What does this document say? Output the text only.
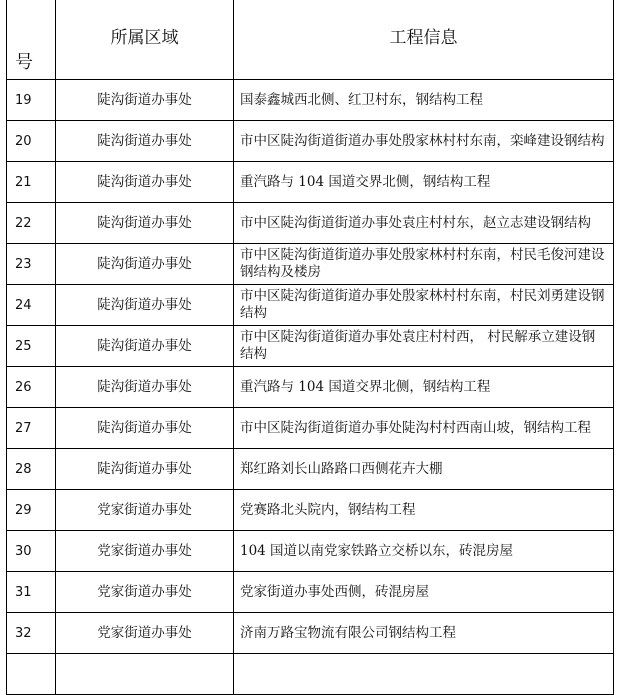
号	所属区域	工程信息
19	陡沟街道办事处	国泰鑫城西北侧、红卫村东，钢结构工程
20	陡沟街道办事处	市中区陡沟街道街道办事处殷家林村村东南，栾峰建设钢结构
21	陡沟街道办事处	重汽路与 104 国道交界北侧，钢结构工程
22	陡沟街道办事处	市中区陡沟街道街道办事处袁庄村村东，赵立志建设钢结构
23	陡沟街道办事处	市中区陡沟街道街道办事处殷家林村村东南，村民毛俊河建设钢结构及楼房
24	陡沟街道办事处	市中区陡沟街道街道办事处殷家林村村东南，村民刘勇建设钢结构
25	陡沟街道办事处	市中区陡沟街道街道办事处袁庄村村西， 村民解承立建设钢结构
26	陡沟街道办事处	重汽路与 104 国道交界北侧，钢结构工程
27	陡沟街道办事处	市中区陡沟街道街道办事处陡沟村村西南山坡，钢结构工程
28	陡沟街道办事处	郑红路刘长山路路口西侧花卉大棚
29	党家街道办事处	党赛路北头院内，钢结构工程
30	党家街道办事处	104 国道以南党家铁路立交桥以东，砖混房屋
31	党家街道办事处	党家街道办事处西侧，砖混房屋
32	党家街道办事处	济南万路宝物流有限公司钢结构工程
